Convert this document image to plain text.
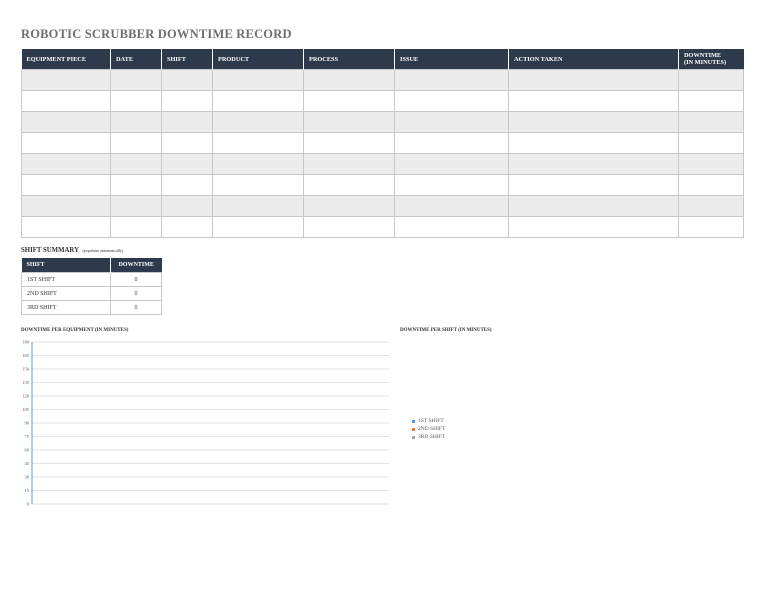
ROBOTIC SCRUBBER DOWNTIME RECORD
EQUIPMENT PIECE	DATE	SHIFT	PRODUCT	PROCESS	ISSUE	ACTION TAKEN	DOWNTIME
(IN MINUTES)

SHIFT SUMMARY (populates automatically)
SHIFT	DOWNTIME
1ST SHIFT	0
2ND SHIFT	0
3RD SHIFT	0
DOWNTIME PER EQUIPMENT (IN MINUTES)
0
15
30
45
60
75
90
105
120
135
150
165
180
DOWNTIME PER SHIFT (IN MINUTES)
1ST SHIFT
2ND SHIFT
3RD SHIFT
